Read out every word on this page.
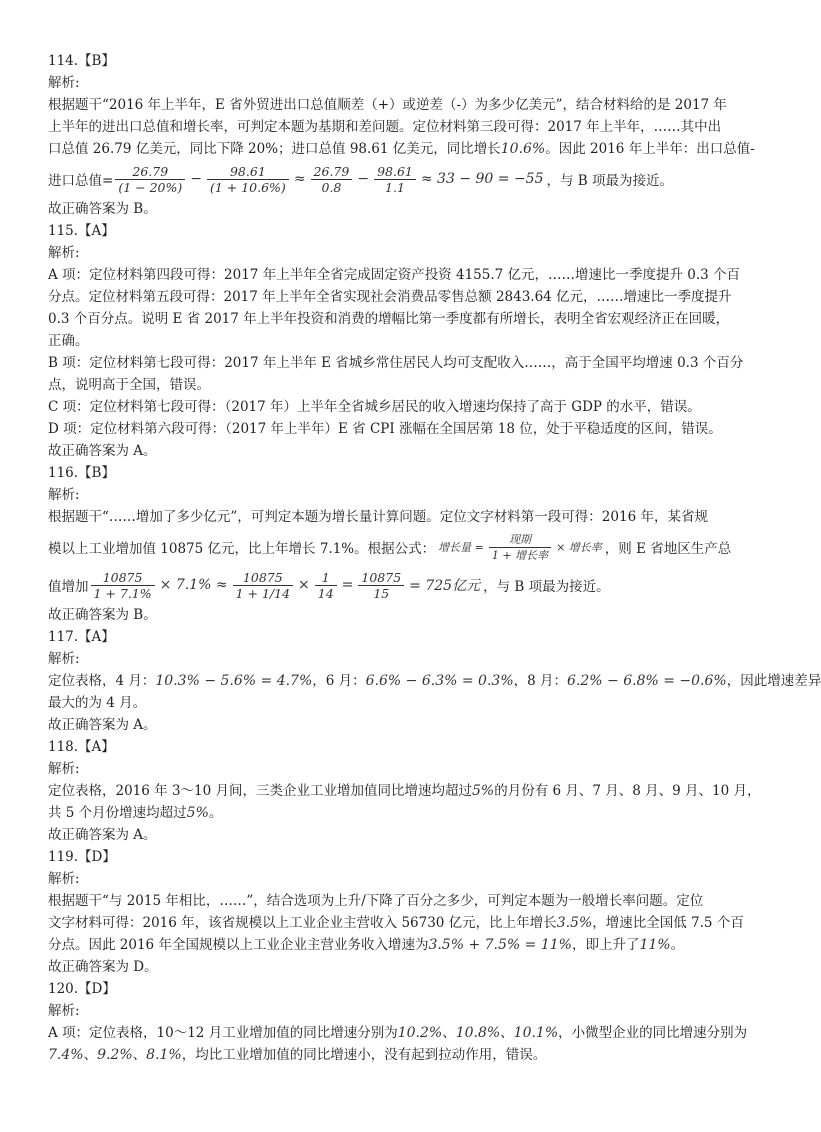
114.【B】
解析:
根据题干“2016 年上半年，E 省外贸进出口总值顺差（+）或逆差（-）为多少亿美元”，结合材料给的是 2017 年
上半年的进出口总值和增长率，可判定本题为基期和差问题。定位材料第三段可得：2017 年上半年，……其中出
口总值 26.79 亿美元，同比下降 20%；进口总值 98.61 亿美元，同比增长10.6%。因此 2016 年上半年：出口总值-
进口总值= $\frac{26.79}{(1 - 20\%)} - \frac{98.61}{(1 + 10.6\%)} \approx \frac{26.79}{0.8} - \frac{98.61}{1.1} \approx 33 - 90 = -55$ ，与 B 项最为接近。
故正确答案为 B。
115.【A】
解析:
A 项：定位材料第四段可得：2017 年上半年全省完成固定资产投资 4155.7 亿元，……增速比一季度提升 0.3 个百
分点。定位材料第五段可得：2017 年上半年全省实现社会消费品零售总额 2843.64 亿元，……增速比一季度提升
0.3 个百分点。说明 E 省 2017 年上半年投资和消费的增幅比第一季度都有所增长，表明全省宏观经济正在回暖，
正确。
B 项：定位材料第七段可得：2017 年上半年 E 省城乡常住居民人均可支配收入……，高于全国平均增速 0.3 个百分
点，说明高于全国，错误。
C 项：定位材料第七段可得：（2017 年）上半年全省城乡居民的收入增速均保持了高于 GDP 的水平，错误。
D 项：定位材料第六段可得：（2017 年上半年）E 省 CPI 涨幅在全国居第 18 位，处于平稳适度的区间，错误。
故正确答案为 A。
116.【B】
解析:
根据题干“……增加了多少亿元”，可判定本题为增长量计算问题。定位文字材料第一段可得：2016 年，某省规
模以上工业增加值 10875 亿元，比上年增长 7.1%。根据公式： 增长量 = $\frac{\text{现期}}{\text{1 + 增长率}}$ × 增长率 ，则 E 省地区生产总
值增加 $\frac{10875}{1 + 7.1\%} \times 7.1\% \approx \frac{10875}{1 + 1/14} \times \frac{1}{14} = \frac{10875}{15} = 725$亿元 ，与 B 项最为接近。
故正确答案为 B。
117.【A】
解析:
定位表格，4 月：10.3% − 5.6% = 4.7%，6 月：6.6% − 6.3% = 0.3%，8 月：6.2% − 6.8% = −0.6%，因此增速差异
最大的为 4 月。
故正确答案为 A。
118.【A】
解析:
定位表格，2016 年 3～10 月间，三类企业工业增加值同比增速均超过5%的月份有 6 月、7 月、8 月、9 月、10 月，
共 5 个月份增速均超过5%。
故正确答案为 A。
119.【D】
解析:
根据题干“与 2015 年相比，……”，结合选项为上升/下降了百分之多少，可判定本题为一般增长率问题。定位
文字材料可得：2016 年，该省规模以上工业企业主营收入 56730 亿元，比上年增长3.5%，增速比全国低 7.5 个百
分点。因此 2016 年全国规模以上工业企业主营业务收入增速为3.5% + 7.5% = 11%，即上升了11%。
故正确答案为 D。
120.【D】
解析:
A 项：定位表格，10～12 月工业增加值的同比增速分别为10.2%、10.8%、10.1%，小微型企业的同比增速分别为
7.4%、9.2%、8.1%，均比工业增加值的同比增速小，没有起到拉动作用，错误。
